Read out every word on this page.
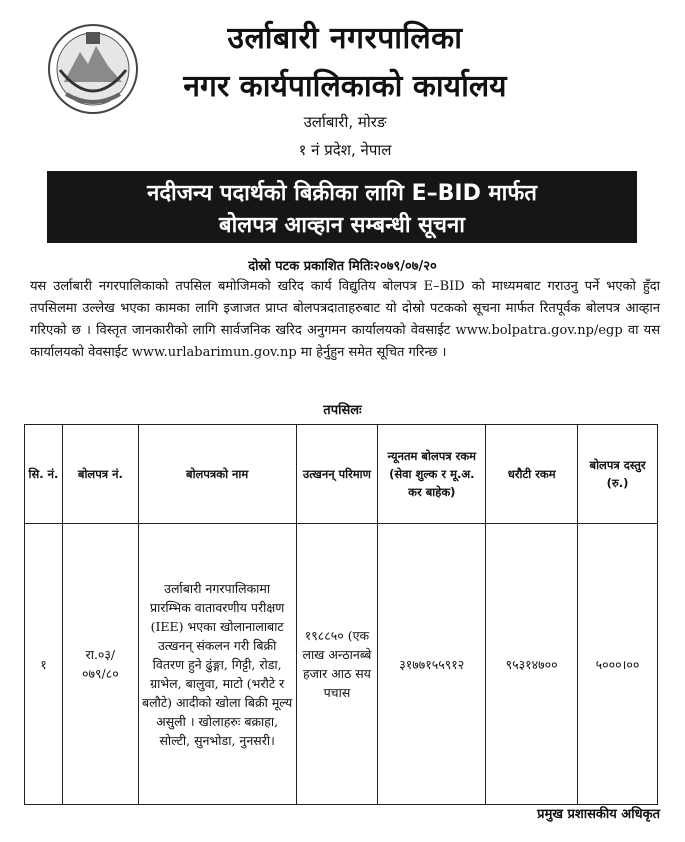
उर्लाबारी नगरपालिका
नगर कार्यपालिकाको कार्यालय
उर्लाबारी, मोरङ
१ नं प्रदेश, नेपाल
नदीजन्य पदार्थको बिक्रीका लागि E–BID मार्फत
बोलपत्र आव्हान सम्बन्धी सूचना
दोस्रो पटक प्रकाशित मितिः२०७९/०७/२०
यस उर्लाबारी नगरपालिकाको तपसिल बमोजिमको खरिद कार्य विद्युतिय बोलपत्र E–BID को माध्यमबाट गराउनु पर्ने भएको हुँदा तपसिलमा उल्लेख भएका कामका लागि इजाजत प्राप्त बोलपत्रदाताहरुबाट यो दोस्रो पटकको सूचना मार्फत रितपूर्वक बोलपत्र आव्हान गरिएको छ । विस्तृत जानकारीको लागि सार्वजनिक खरिद अनुगमन कार्यालयको वेवसाईट www.bolpatra.gov.np/egp वा यस कार्यालयको वेवसाईट www.urlabarimun.gov.np मा हेर्नुहुन समेत सूचित गरिन्छ ।
तपसिलः
सि. नं.	बोलपत्र नं.	बोलपत्रको नाम	उत्खनन् परिमाण	न्यूनतम बोलपत्र रकम (सेवा शुल्क र मू.अ. कर बाहेक)	धरौटी रकम	बोलपत्र दस्तुर (रु.)
१	रा.०३/ ०७९/८०	उर्लाबारी नगरपालिकामा प्रारम्भिक वातावरणीय परीक्षण (IEE) भएका खोलानालाबाट उत्खनन् संकलन गरी बिक्री वितरण हुने ढुंङ्गा, गिट्टी, रोडा, ग्राभेल, बालुवा, माटो (भरौटे र बलौटे) आदीको खोला बिक्री मूल्य असुली । खोलाहरुः बक्राहा, सोल्टी, सुनभोडा, नुनसरी।	१९८८५० (एक लाख अन्ठानब्बे हजार आठ सय पचास	३१७७१५५९१२	९५३१४७००	५०००।००
प्रमुख प्रशासकीय अधिकृत
